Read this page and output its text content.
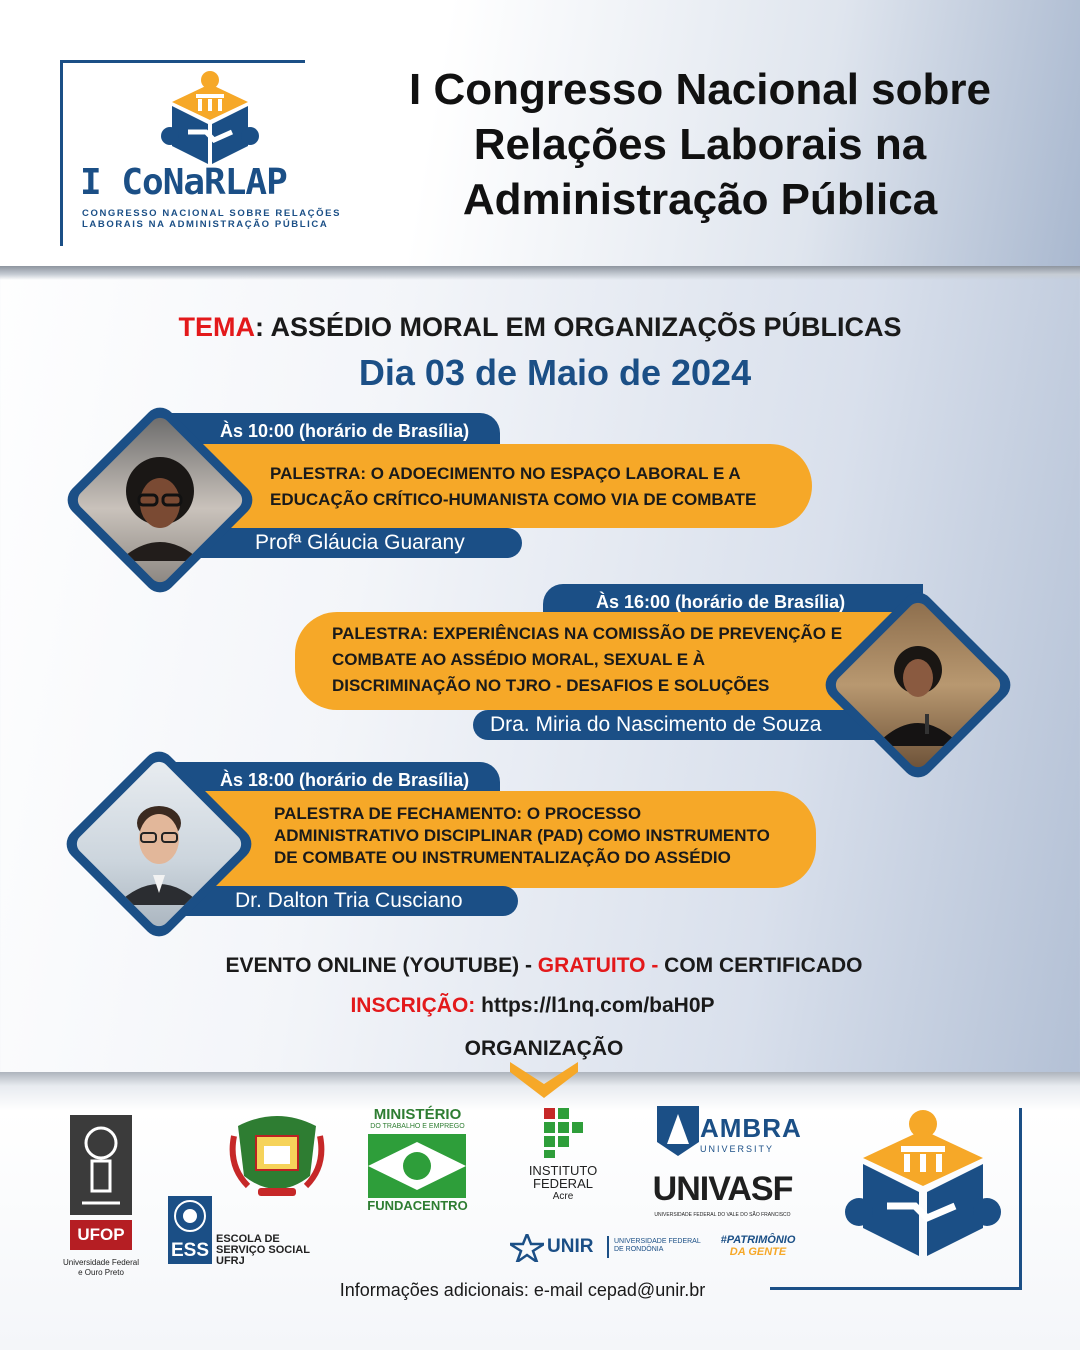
I CoNaRLAP
CONGRESSO NACIONAL SOBRE RELAÇÕES
LABORAIS NA ADMINISTRAÇÃO PÚBLICA
I Congresso Nacional sobre
Relações Laborais na
Administração Pública
TEMA: ASSÉDIO MORAL EM ORGANIZAÇÕS PÚBLICAS
Dia 03 de Maio de 2024
Às 10:00 (horário de Brasília)
PALESTRA: O ADOECIMENTO NO ESPAÇO LABORAL E A
EDUCAÇÃO CRÍTICO-HUMANISTA COMO VIA DE COMBATE
Profª Gláucia Guarany
Às 16:00 (horário de Brasília)
PALESTRA: EXPERIÊNCIAS NA COMISSÃO DE PREVENÇÃO E
COMBATE AO ASSÉDIO MORAL, SEXUAL E À
DISCRIMINAÇÃO NO TJRO - DESAFIOS E SOLUÇÕES
Dra. Miria do Nascimento de Souza
Às 18:00 (horário de Brasília)
PALESTRA DE FECHAMENTO: O PROCESSO
ADMINISTRATIVO DISCIPLINAR (PAD) COMO INSTRUMENTO
DE COMBATE OU INSTRUMENTALIZAÇÃO DO ASSÉDIO
Dr. Dalton Tria Cusciano
EVENTO ONLINE (YOUTUBE) - GRATUITO - COM CERTIFICADO
INSCRIÇÃO: https://l1nq.com/baH0P
ORGANIZAÇÃO
UFOP
Universidade Federal
e Ouro Preto
ESS
ESCOLA DE
SERVIÇO SOCIAL
UFRJ
MINISTÉRIO
DO TRABALHO E EMPREGO
FUNDACENTRO
INSTITUTO
FEDERAL
Acre
AMBRA
UNIVERSITY
UNIVASF
UNIVERSIDADE FEDERAL DO VALE DO SÃO FRANCISCO
UNIR	UNIVERSIDADE FEDERAL
DE RONDÔNIA
#PATRIMÔNIO
DA GENTE
Informações adicionais: e-mail cepad@unir.br
